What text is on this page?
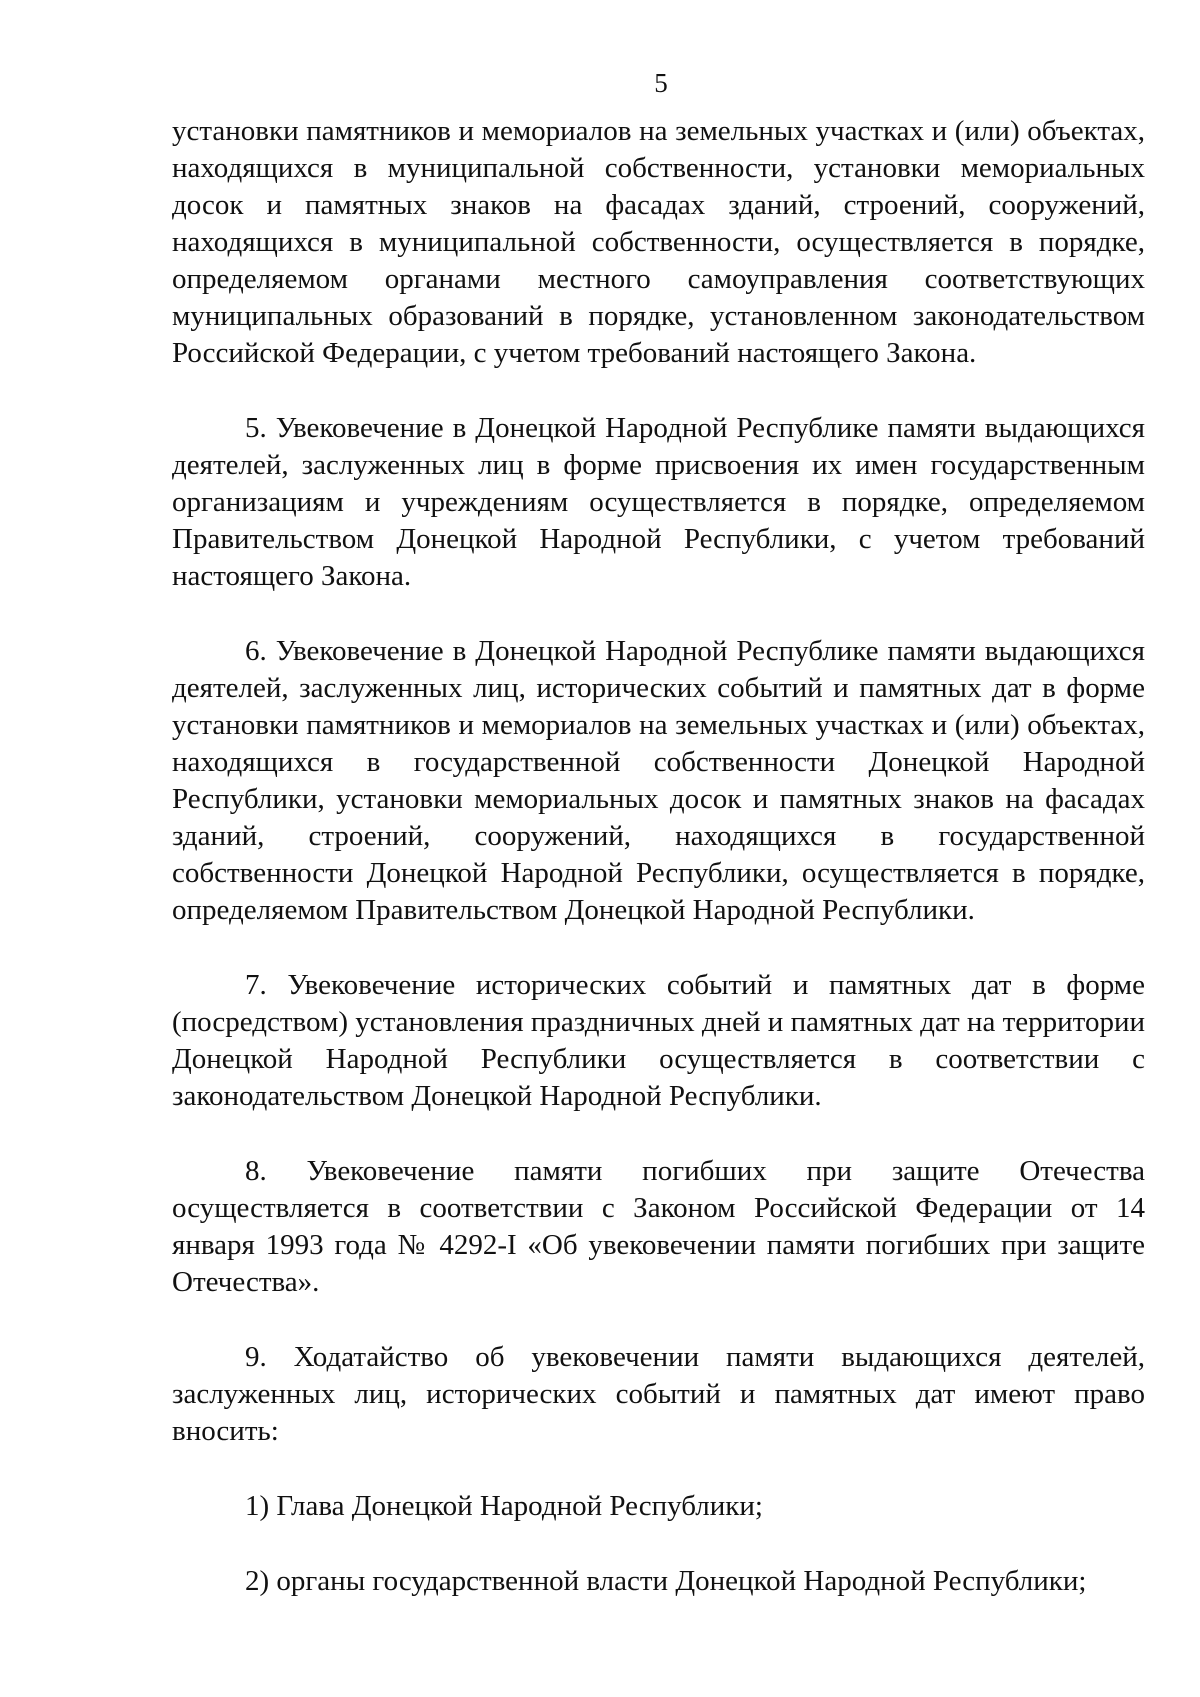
5

установки памятников и мемориалов на земельных участках и (или) объектах, находящихся в муниципальной собственности, установки мемориальных досок и памятных знаков на фасадах зданий, строений, сооружений, находящихся в муниципальной собственности, осуществляется в порядке, определяемом органами местного самоуправления соответствующих муниципальных образований в порядке, установленном законодательством Российской Федерации, с учетом требований настоящего Закона.

5. Увековечение в Донецкой Народной Республике памяти выдающихся деятелей, заслуженных лиц в форме присвоения их имен государственным организациям и учреждениям осуществляется в порядке, определяемом Правительством Донецкой Народной Республики, с учетом требований настоящего Закона.

6. Увековечение в Донецкой Народной Республике памяти выдающихся деятелей, заслуженных лиц, исторических событий и памятных дат в форме установки памятников и мемориалов на земельных участках и (или) объектах, находящихся в государственной собственности Донецкой Народной Республики, установки мемориальных досок и памятных знаков на фасадах зданий, строений, сооружений, находящихся в государственной собственности Донецкой Народной Республики, осуществляется в порядке, определяемом Правительством Донецкой Народной Республики.

7. Увековечение исторических событий и памятных дат в форме (посредством) установления праздничных дней и памятных дат на территории Донецкой Народной Республики осуществляется в соответствии с законодательством Донецкой Народной Республики.

8. Увековечение памяти погибших при защите Отечества осуществляется в соответствии с Законом Российской Федерации от 14 января 1993 года № 4292-I «Об увековечении памяти погибших при защите Отечества».

9. Ходатайство об увековечении памяти выдающихся деятелей, заслуженных лиц, исторических событий и памятных дат имеют право вносить:

1) Глава Донецкой Народной Республики;

2) органы государственной власти Донецкой Народной Республики;
